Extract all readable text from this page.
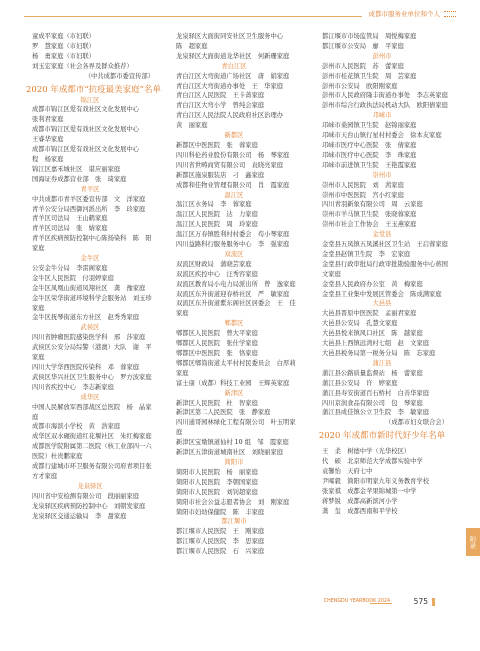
成都市服务业单位和个人
童成平家庭（市妇联）
罗　慧家庭（市妇联）
杨　勇家庭（市妇联）
刘玉宏家庭（社会各界及群众推荐）
（中共成都市委宣传部）
2020 年成都市“抗疫最美家庭”名单
锦江区
成都市锦江区爱有戏社区文化发展中心
张利君家庭
成都市锦江区爱有戏社区文化发展中心
王睿华家庭
成都市锦江区爱有戏社区文化发展中心
程　杨家庭
锦江区嘉禾城社区　谌应丽家庭
国海证券成都营业部　张　琦家庭
青羊区
中共成都市青羊区委宣传部　文　洋家庭
青羊公安分局西御河派出所　李　玲家庭
青羊区司法局　王山鹤家庭
青羊区司法局　张　婧家庭
青羊区疾病预防控制中心陈扬染科　陈　阳家庭
金牛区
公安金牛分局　李雷阁家庭
金牛区人民医院　付羽婷家庭
金牛区凤凰山街道凤翔社区　龚　豫家庭
金牛区荣华街道环境科学会服务站　刘玉珍家庭
金牛区抚琴街道东方社区　赵秀秀家庭
武侯区
四川省肿瘤医院感染医学科　邢　莎家庭
武侯区公安分局综警（港澳）大队　谢　平家庭
四川大学华西医院传染科　邓　蓉家庭
武侯区华兴社区卫生服务中心　罗方波家庭
四川省疾控中心　李志新家庭
成华区
中国人民解放军西部战区总医院　杨　晶家庭
成都市海滨小学校　黄　浩家庭
成华区双水碾街道红花堰社区　朱红梅家庭
成都医学院附属第二医院（核工业部四一六医院）杜贵鹏家庭
成都行建城市环卫服务有限公司府青项目张方才家庭
龙泉驿区
四川省中安检测有限公司　段丽丽家庭
龙泉驿区疾病预防控制中心　刘朝发家庭
龙泉驿区交通运输局　李　甜家庭
龙泉驿区大面街同安社区卫生服务中心
陈　超家庭
龙泉驿区大面街道龙华社区　何新珊家庭
青白江区
青白江区大弯街道广场社区　唐　娟家庭
青白江区大弯街道办事处　王　华家庭
青白江区人民医院　王卡蔷家庭
青白江区大弯小学　曾纯会家庭
青白江区人民法院人民政府社区治理办
黄　丽家庭
新都区
新都区中医医院　张　蓉家庭
四川科伦药业股份有限公司　杨　琴家庭
四川省世畴商贸有限公司　袁晓亮家庭
新都区施泉服装店　刁　鑫家庭
成都和佳物业管理有限公司　肖　霞家庭
温江区
温江区水务局　李　蓉家庭
温江区人民医院　达　力家庭
温江区人民医院　周　玲家庭
温江区万春镇胜利村村委会　苟小琴家庭
四川益路科行服务服务中心　李　强家庭
双流区
双流区财政局　蒲晓芸家庭
双流区疾控中心　汪秀容家庭
双流区教育局小电力局派出所　曾　逸家庭
双流区东升街道迎春桥社区　严　敏家庭
双流区东升街道紫东阁社区居委会　王　佳家庭
郫都区
郫都区人民医院　曾大平家庭
郫都区人民医院　张仕学家庭
郫都区中医医院　张　恪家庭
郫都区郫筒街道太平村村民委员会　白厚莉家庭
富士康（成都）科技工业园　王辉英家庭
新津区
新津区人民医院　杜　智家庭
新津区第二人民医院　张　静家庭
四川通哥园林绿化工程有限公司　叶玉明家庭
新津区宝墩镇道仙村 10 组　邹　霞家庭
新津区五津街道城南社区　刘晓丽家庭
简阳市
简阳市人民医院　杨　丽家庭
简阳市人民医院　李朝国家庭
简阳市人民医院　刘钊超家庭
简阳市社会公益志愿者协会　刘　刚家庭
简阳市妇幼保健院　陈　丰家庭
都江堰市
都江堰市人民医院　王　刚家庭
都江堰市人民医院　李　思家庭
都江堰市人民医院　石　兴家庭
都江堰市市场监管局　周悦梅家庭
都江堰市公安局　廖　平家庭
彭州市
彭州市人民医院　苏　蕾家庭
彭州市桂花镇卫生院　周　芸家庭
彭州市公安局　欧阳刚家庭
彭州市人民政府隆丰街道办事处　李志英家庭
彭州市综合行政执法局机动大队　欧阳倩家庭
邛崃市
邛崃市桑园镇卫生院　赵锦丽家庭
邛崃市天台山镇行星村村委会　徐本友家庭
邛崃市医疗中心医院　张　倩家庭
邛崃市医疗中心医院　李　珠家庭
邛崃市前进镇卫生院　王艳霞家庭
崇州市
崇州市人民医院　刘　茜家庭
崇州市中医医院　宫小红家庭
四川青羽新象有限公司　周　云家庭
崇州市羊马镇卫生院　张晓蓉家庭
崇州市社会工作协会　王玉燕家庭
金堂县
金堂县五凤镇五凤溪社区卫生站　王启蓉家庭
金堂县赵镇卫生院　李　宏家庭
金堂县行政审批局行政审批勘验服务中心蒋国文家庭
金堂县人民政府办公室　黄　梅家庭
金堂县工业集中发展区管委会　陈成满家庭
大邑县
大邑县晋原中医医院　孟丽君家庭
大邑县公安局　孔慧文家庭
大邑县悦来镇风口社区　陈　越家庭
大邑县上西镇远湾村七组　赵　文家庭
大邑县税务局第一税务分局　陈　忘家庭
蒲江县
蒲江县公路质量监督站　杨　蕾家庭
蒲江县公安局　许　婷家庭
蒲江县寿安街道百石桥村　白善华家庭
四川京润食品有限公司　包　琴家庭
蒲江县成佳镇公立卫生院　李　敏家庭
（成都市妇女联合会）
2020 年成都市新时代好少年名单
王　柔　树德中学（光华校区）
代　硕　北京师范大学成都实验中学
袁馨怡　天府七中
尹晞毅　简阳市明家九年义务教育学校
张家祺　成都金苹果锦城第一中学
蒋梦锐　成都高新滨河小学
龚　玺　成都西南和平学校
附录
CHENGDU YEARBOOK 2024	575
